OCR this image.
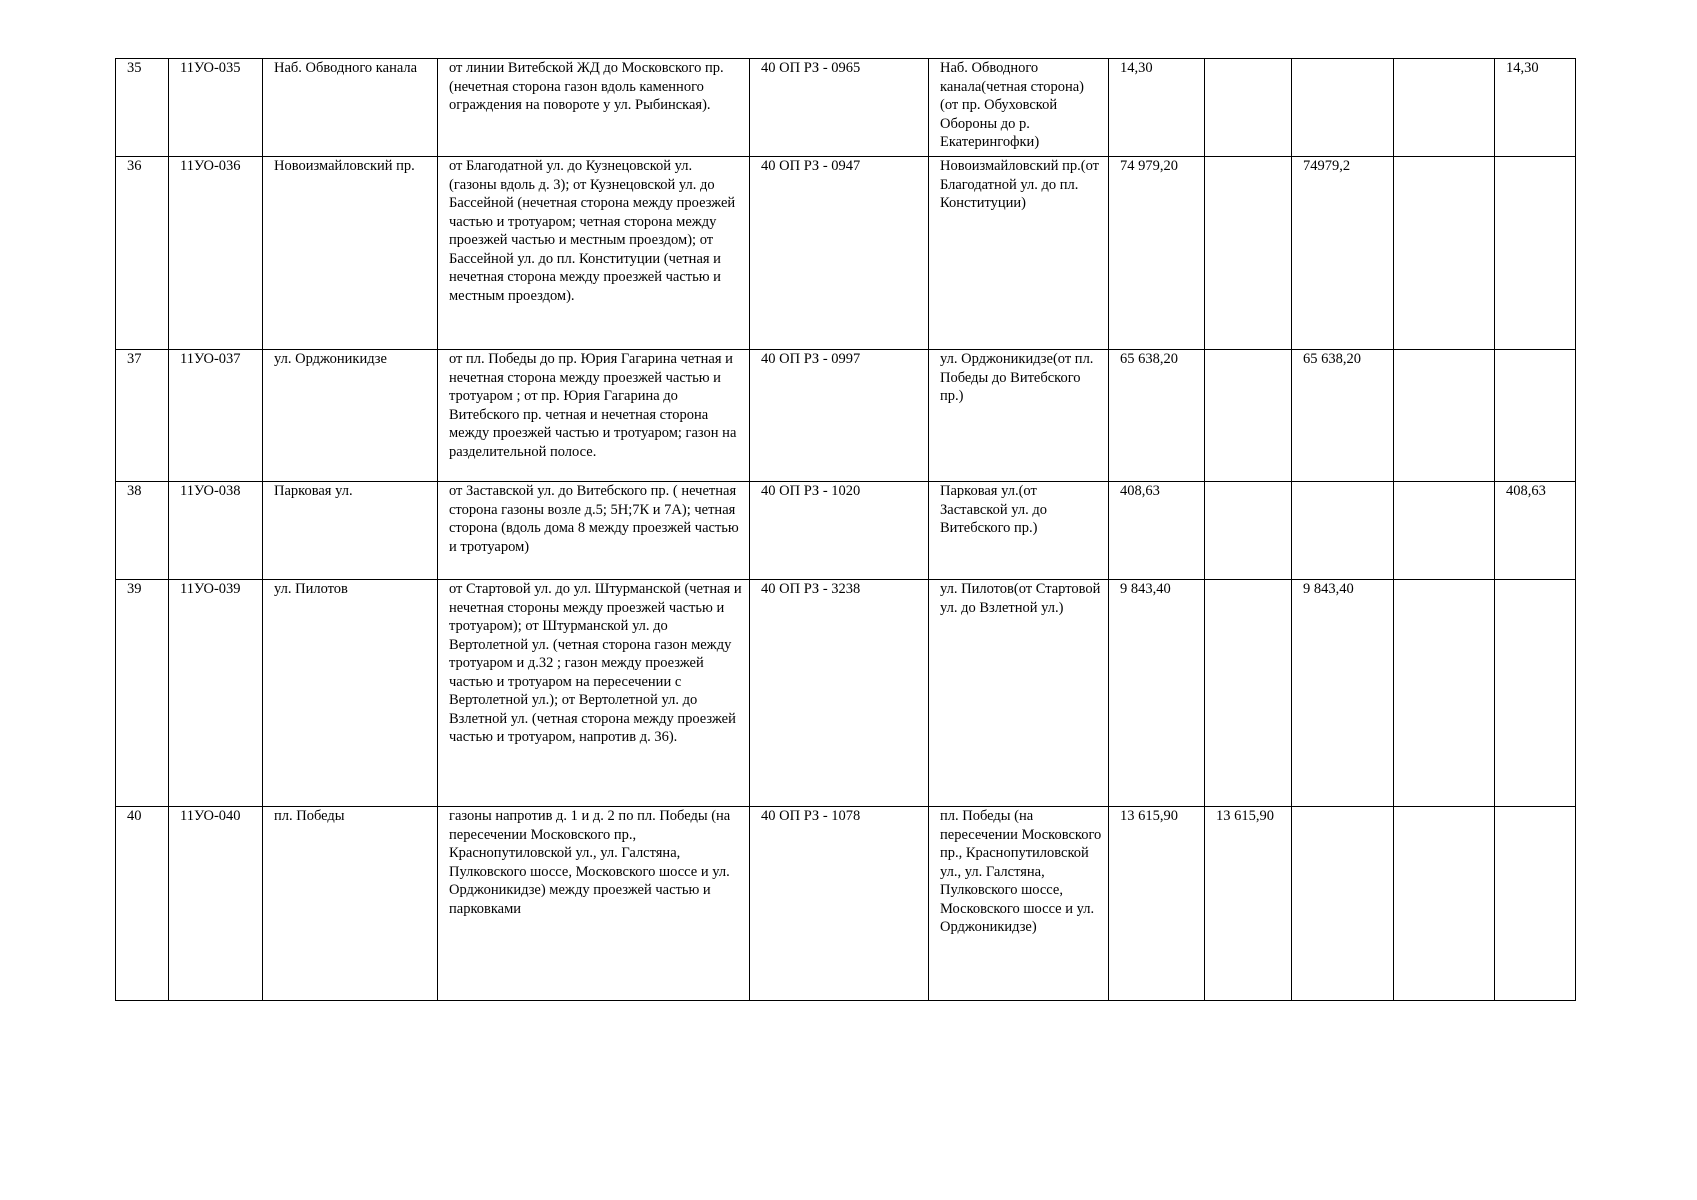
35	11УО-035	Наб. Обводного канала	от линии Витебской ЖД до Московского пр. (нечетная сторона газон вдоль каменного ограждения на повороте у ул. Рыбинская).	40 ОП РЗ - 0965	Наб. Обводного канала(четная сторона) (от пр. Обуховской Обороны до р. Екатерингофки)	14,30				14,30
36	11УО-036	Новоизмайловский пр.	от Благодатной ул. до Кузнецовской ул. (газоны вдоль д. 3); от Кузнецовской ул. до Бассейной (нечетная сторона между проезжей частью и тротуаром; четная сторона между проезжей частью и местным проездом); от Бассейной ул. до пл. Конституции (четная и нечетная сторона между проезжей частью и местным проездом).	40 ОП РЗ - 0947	Новоизмайловский пр.(от Благодатной ул. до пл. Конституции)	74 979,20		74979,2		
37	11УО-037	ул. Орджоникидзе	от пл. Победы до пр. Юрия Гагарина четная и нечетная сторона между проезжей частью и тротуаром ; от пр. Юрия Гагарина до Витебского пр. четная и нечетная сторона между проезжей частью и тротуаром; газон на разделительной полосе.	40 ОП РЗ - 0997	ул. Орджоникидзе(от пл. Победы до Витебского пр.)	65 638,20		65 638,20		
38	11УО-038	Парковая ул.	от Заставской ул. до Витебского пр. ( нечетная сторона газоны возле д.5; 5Н;7К и 7А); четная сторона (вдоль дома 8 между проезжей частью и тротуаром)	40 ОП РЗ - 1020	Парковая ул.(от Заставской ул. до Витебского пр.)	408,63				408,63
39	11УО-039	ул. Пилотов	от Стартовой ул. до ул. Штурманской (четная и нечетная стороны между проезжей частью и тротуаром); от Штурманской ул. до Вертолетной ул. (четная сторона газон между тротуаром и д.32 ; газон между проезжей частью и тротуаром на пересечении с Вертолетной ул.); от Вертолетной ул. до Взлетной ул. (четная сторона между проезжей частью и тротуаром, напротив д. 36).	40 ОП РЗ - 3238	ул. Пилотов(от Стартовой ул. до Взлетной ул.)	9 843,40		9 843,40		
40	11УО-040	пл. Победы	газоны напротив д. 1 и д. 2 по пл. Победы (на пересечении Московского пр., Краснопутиловской ул., ул. Галстяна, Пулковского шоссе, Московского шоссе и ул. Орджоникидзе) между проезжей частью и парковками	40 ОП РЗ - 1078	пл. Победы (на пересечении Московского пр., Краснопутиловской ул., ул. Галстяна, Пулковского шоссе, Московского шоссе и ул. Орджоникидзе)	13 615,90	13 615,90			
